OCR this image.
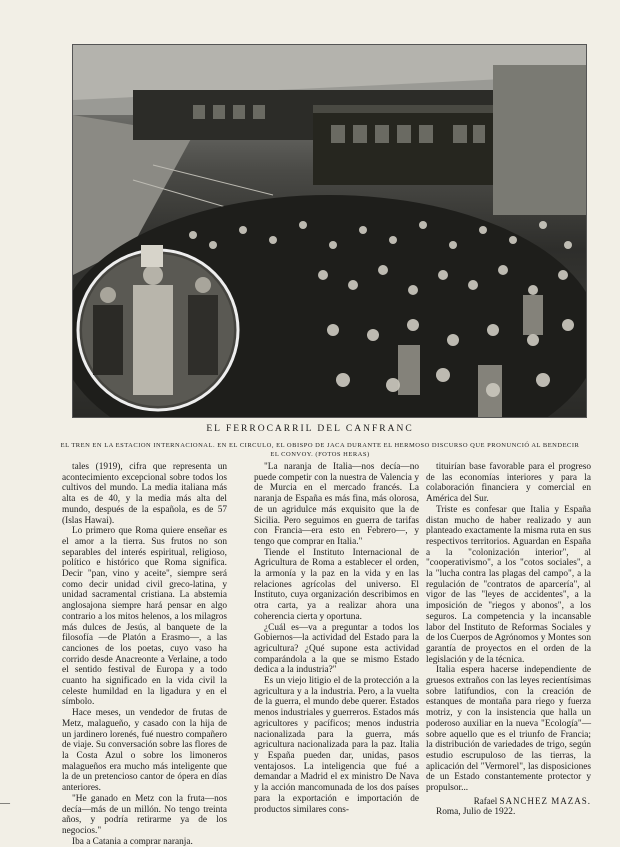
EL FERROCARRIL DEL CANFRANC
EL TREN EN LA ESTACION INTERNACIONAL. EN EL CIRCULO, EL OBISPO DE JACA DURANTE EL HERMOSO DISCURSO QUE PRONUNCIÓ AL BENDECIR EL CONVOY. (FOTOS HERAS)

tales (1919), cifra que representa un acontecimiento excepcional sobre todos los cultivos del mundo. La media italiana más alta es de 40, y la media más alta del mundo, después de la española, es de 57 (Islas Hawai).

Lo primero que Roma quiere enseñar es el amor a la tierra. Sus frutos no son separables del interés espiritual, religioso, político e histórico que Roma significa. Decir "pan, vino y aceite", siempre será como decir unidad civil greco-latina, y unidad sacramental cristiana. La abstemia anglosajona siempre hará pensar en algo contrario a los mitos helenos, a los milagros más dulces de Jesús, al banquete de la filosofía —de Platón a Erasmo—, a las canciones de los poetas, cuyo vaso ha corrido desde Anacreonte a Verlaine, a todo el sentido festival de Europa y a todo cuanto ha significado en la vida civil la celeste humildad en la ligadura y en el símbolo.

Hace meses, un vendedor de frutas de Metz, malagueño, y casado con la hija de un jardinero lorenés, fué nuestro compañero de viaje. Su conversación sobre las flores de la Costa Azul o sobre los limoneros malagueños era mucho más inteligente que la de un pretencioso cantor de ópera en días anteriores.

"He ganado en Metz con la fruta—nos decía—más de un millón. No tengo treinta años, y podría retirarme ya de los negocios."

Iba a Catania a comprar naranja.

"La naranja de Italia—nos decía—no puede competir con la nuestra de Valencia y de Murcia en el mercado francés. La naranja de España es más fina, más olorosa, de un agridulce más exquisito que la de Sicilia. Pero seguimos en guerra de tarifas con Francia—era esto en Febrero—, y tengo que comprar en Italia."

Tiende el Instituto Internacional de Agricultura de Roma a establecer el orden, la armonía y la paz en la vida y en las relaciones agrícolas del universo. El Instituto, cuya organización describimos en otra carta, ya a realizar ahora una coherencia cierta y oportuna.

¿Cuál es—va a preguntar a todos los Gobiernos—la actividad del Estado para la agricultura? ¿Qué supone esta actividad comparándola a la que se mismo Estado dedica a la industria?"

Es un viejo litigio el de la protección a la agricultura y a la industria. Pero, a la vuelta de la guerra, el mundo debe querer. Estados menos industriales y guerreros. Estados más agricultores y pacíficos; menos industria nacionalizada para la guerra, más agricultura nacionalizada para la paz. Italia y España pueden dar, unidas, pasos ventajosos. La inteligencia que fué a demandar a Madrid el ex ministro De Nava y la acción mancomunada de los dos países para la exportación e importación de productos similares cons-

tituirían base favorable para el progreso de las economías interiores y para la colaboración financiera y comercial en América del Sur.

Triste es confesar que Italia y España distan mucho de haber realizado y aun planteado exactamente la misma ruta en sus respectivos territorios. Aguardan en España a la "colonización interior", al "cooperativismo", a los "cotos sociales", a la "lucha contra las plagas del campo", a la regulación de "contratos de aparcería", al vigor de las "leyes de accidentes", a la imposición de "riegos y abonos", a los seguros. La competencia y la incansable labor del Instituto de Reformas Sociales y de los Cuerpos de Agrónomos y Montes son garantía de proyectos en el orden de la legislación y de la técnica.

Italia espera hacerse independiente de gruesos extraños con las leyes recientísimas sobre latifundios, con la creación de estanques de montaña para riego y fuerza motriz, y con la insistencia que halla un poderoso auxiliar en la nueva "Ecología"—sobre aquello que es el triunfo de Francia; la distribución de variedades de trigo, según estudio escrupuloso de las tierras, la aplicación del "Vermorel", las disposiciones de un Estado constantemente protector y propulsor...

Rafael SANCHEZ MAZAS.

Roma, Julio de 1922.

—
